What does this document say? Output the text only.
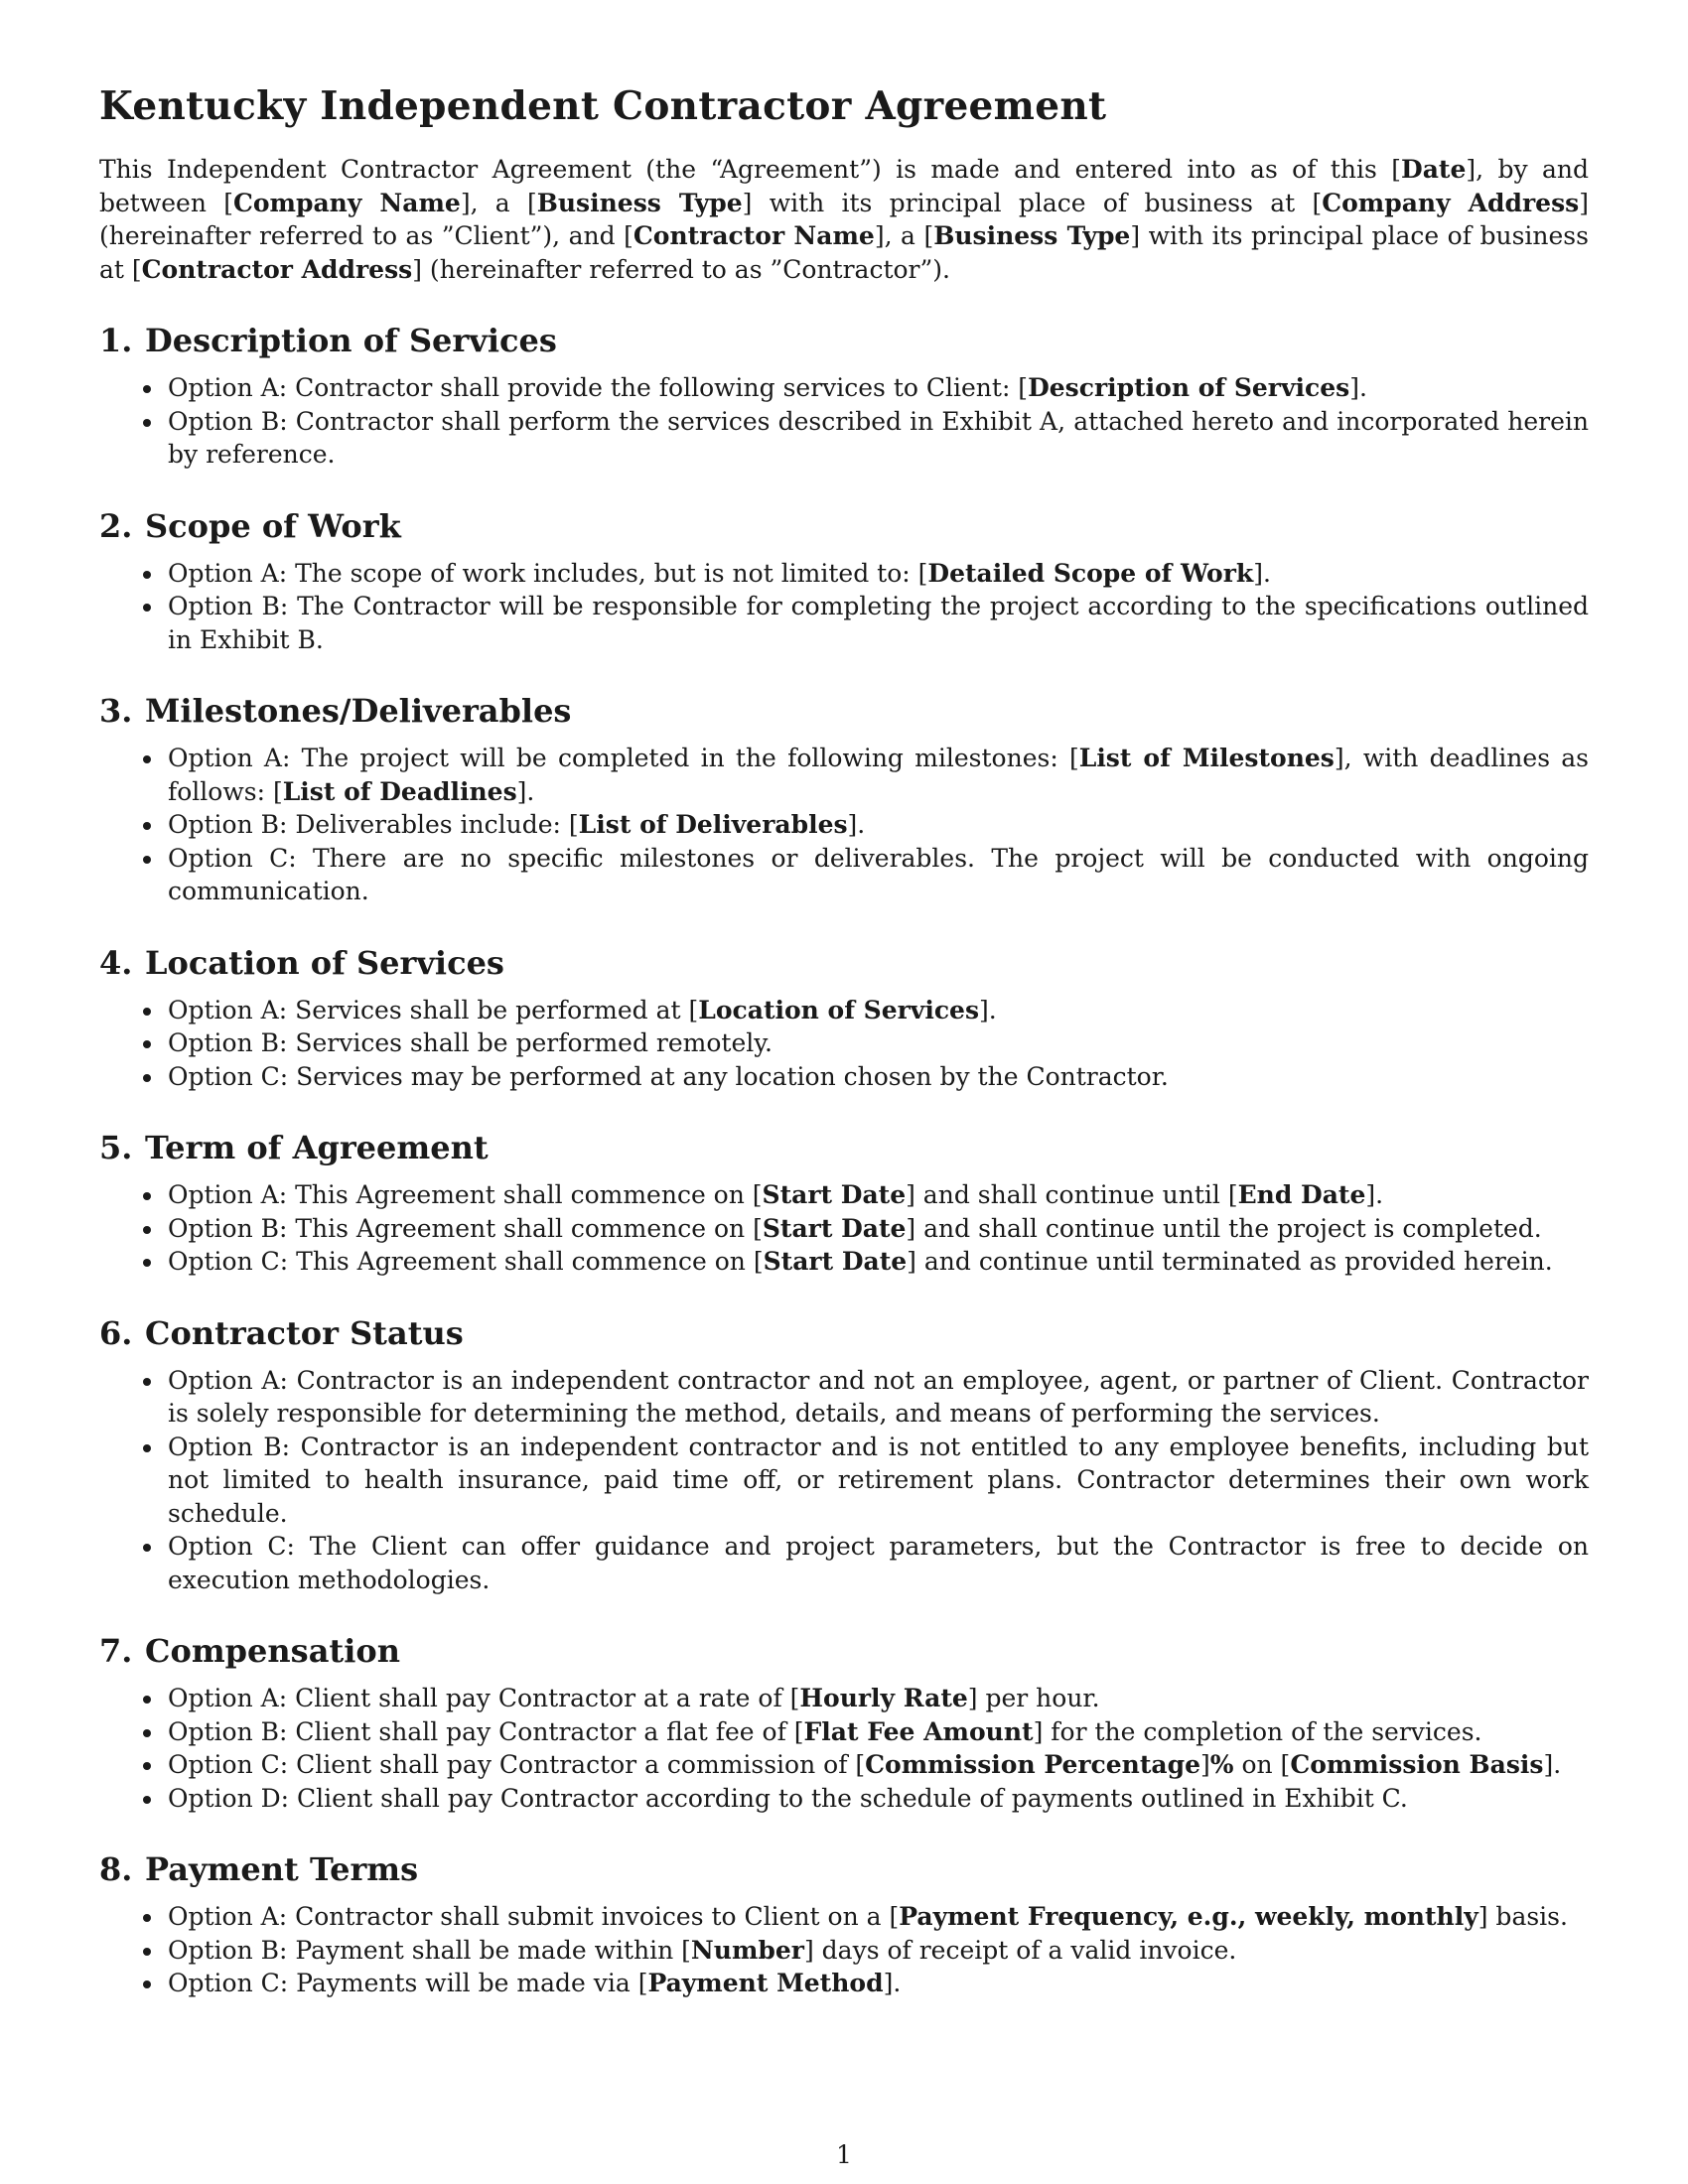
Kentucky Independent Contractor Agreement

This Independent Contractor Agreement (the “Agreement”) is made and entered into as of this [Date], by and between [Company Name], a [Business Type] with its principal place of business at [Company Address] (hereinafter referred to as ”Client”), and [Contractor Name], a [Business Type] with its principal place of business at [Contractor Address] (hereinafter referred to as ”Contractor”).

1. Description of Services
Option A: Contractor shall provide the following services to Client: [Description of Services].
Option B: Contractor shall perform the services described in Exhibit A, attached hereto and incorporated herein by reference.
2. Scope of Work
Option A: The scope of work includes, but is not limited to: [Detailed Scope of Work].
Option B: The Contractor will be responsible for completing the project according to the specifications outlined in Exhibit B.
3. Milestones/Deliverables
Option A: The project will be completed in the following milestones: [List of Milestones], with deadlines as follows: [List of Deadlines].
Option B: Deliverables include: [List of Deliverables].
Option C: There are no specific milestones or deliverables. The project will be conducted with ongoing communication.
4. Location of Services
Option A: Services shall be performed at [Location of Services].
Option B: Services shall be performed remotely.
Option C: Services may be performed at any location chosen by the Contractor.
5. Term of Agreement
Option A: This Agreement shall commence on [Start Date] and shall continue until [End Date].
Option B: This Agreement shall commence on [Start Date] and shall continue until the project is completed.
Option C: This Agreement shall commence on [Start Date] and continue until terminated as provided herein.
6. Contractor Status
Option A: Contractor is an independent contractor and not an employee, agent, or partner of Client. Contractor is solely responsible for determining the method, details, and means of performing the services.
Option B: Contractor is an independent contractor and is not entitled to any employee benefits, including but not limited to health insurance, paid time off, or retirement plans. Contractor determines their own work schedule.
Option C: The Client can offer guidance and project parameters, but the Contractor is free to decide on execution methodologies.
7. Compensation
Option A: Client shall pay Contractor at a rate of [Hourly Rate] per hour.
Option B: Client shall pay Contractor a flat fee of [Flat Fee Amount] for the completion of the services.
Option C: Client shall pay Contractor a commission of [Commission Percentage]% on [Commission Basis].
Option D: Client shall pay Contractor according to the schedule of payments outlined in Exhibit C.
8. Payment Terms
Option A: Contractor shall submit invoices to Client on a [Payment Frequency, e.g., weekly, monthly] basis.
Option B: Payment shall be made within [Number] days of receipt of a valid invoice.
Option C: Payments will be made via [Payment Method].
1
